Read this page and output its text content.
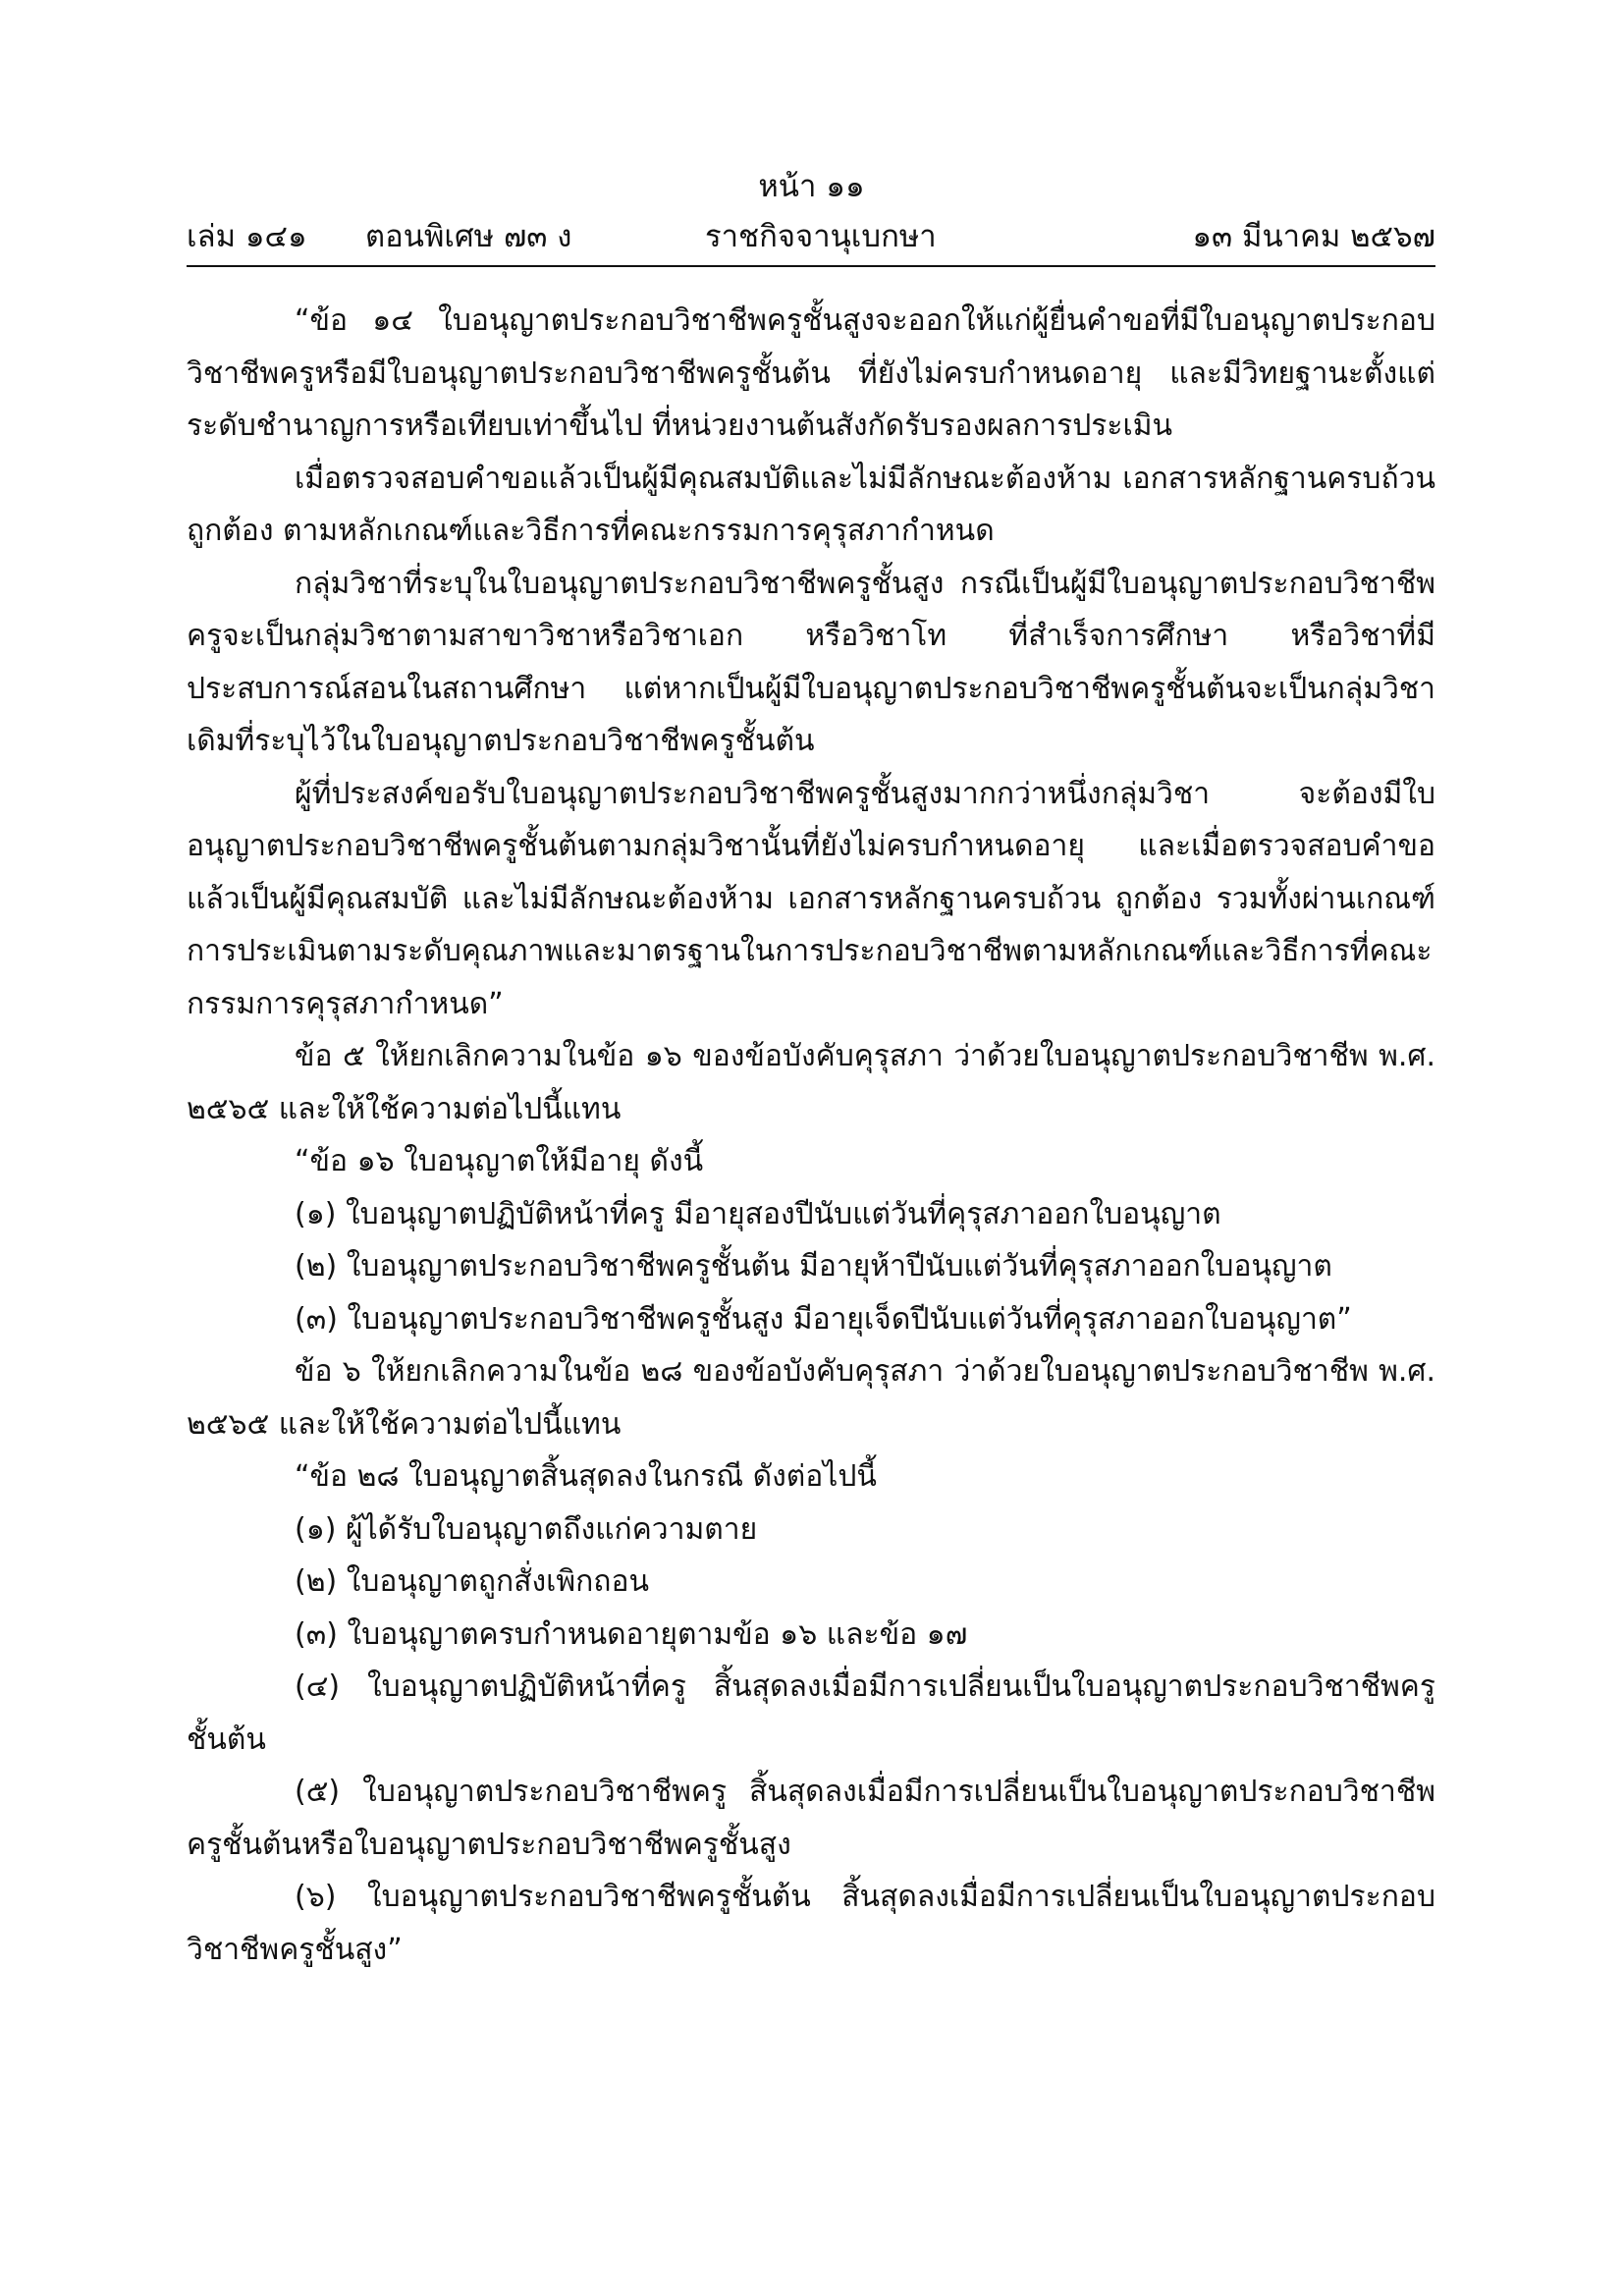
หน้า ๑๑
เล่ม ๑๔๑ ตอนพิเศษ ๗๓ ง	ราชกิจจานุเบกษา	๑๓ มีนาคม ๒๕๖๗

“ข้อ ๑๔ ใบอนุญาตประกอบวิชาชีพครูชั้นสูงจะออกให้แก่ผู้ยื่นคำขอที่มีใบอนุญาตประกอบวิชาชีพครูหรือมีใบอนุญาตประกอบวิชาชีพครูชั้นต้น ที่ยังไม่ครบกำหนดอายุ และมีวิทยฐานะตั้งแต่ระดับชำนาญการหรือเทียบเท่าขึ้นไป ที่หน่วยงานต้นสังกัดรับรองผลการประเมิน

เมื่อตรวจสอบคำขอแล้วเป็นผู้มีคุณสมบัติและไม่มีลักษณะต้องห้าม เอกสารหลักฐานครบถ้วนถูกต้อง ตามหลักเกณฑ์และวิธีการที่คณะกรรมการคุรุสภากำหนด

กลุ่มวิชาที่ระบุในใบอนุญาตประกอบวิชาชีพครูชั้นสูง กรณีเป็นผู้มีใบอนุญาตประกอบวิชาชีพครูจะเป็นกลุ่มวิชาตามสาขาวิชาหรือวิชาเอก หรือวิชาโท ที่สำเร็จการศึกษา หรือวิชาที่มีประสบการณ์สอนในสถานศึกษา แต่หากเป็นผู้มีใบอนุญาตประกอบวิชาชีพครูชั้นต้นจะเป็นกลุ่มวิชาเดิมที่ระบุไว้ในใบอนุญาตประกอบวิชาชีพครูชั้นต้น

ผู้ที่ประสงค์ขอรับใบอนุญาตประกอบวิชาชีพครูชั้นสูงมากกว่าหนึ่งกลุ่มวิชา จะต้องมีใบอนุญาตประกอบวิชาชีพครูชั้นต้นตามกลุ่มวิชานั้นที่ยังไม่ครบกำหนดอายุ และเมื่อตรวจสอบคำขอแล้วเป็นผู้มีคุณสมบัติ และไม่มีลักษณะต้องห้าม เอกสารหลักฐานครบถ้วน ถูกต้อง รวมทั้งผ่านเกณฑ์การประเมินตามระดับคุณภาพและมาตรฐานในการประกอบวิชาชีพตามหลักเกณฑ์และวิธีการที่คณะกรรมการคุรุสภากำหนด”

ข้อ ๕ ให้ยกเลิกความในข้อ ๑๖ ของข้อบังคับคุรุสภา ว่าด้วยใบอนุญาตประกอบวิชาชีพ พ.ศ. ๒๕๖๕ และให้ใช้ความต่อไปนี้แทน

“ข้อ ๑๖ ใบอนุญาตให้มีอายุ ดังนี้

(๑) ใบอนุญาตปฏิบัติหน้าที่ครู มีอายุสองปีนับแต่วันที่คุรุสภาออกใบอนุญาต

(๒) ใบอนุญาตประกอบวิชาชีพครูชั้นต้น มีอายุห้าปีนับแต่วันที่คุรุสภาออกใบอนุญาต

(๓) ใบอนุญาตประกอบวิชาชีพครูชั้นสูง มีอายุเจ็ดปีนับแต่วันที่คุรุสภาออกใบอนุญาต”

ข้อ ๖ ให้ยกเลิกความในข้อ ๒๘ ของข้อบังคับคุรุสภา ว่าด้วยใบอนุญาตประกอบวิชาชีพ พ.ศ. ๒๕๖๕ และให้ใช้ความต่อไปนี้แทน

“ข้อ ๒๘ ใบอนุญาตสิ้นสุดลงในกรณี ดังต่อไปนี้

(๑) ผู้ได้รับใบอนุญาตถึงแก่ความตาย

(๒) ใบอนุญาตถูกสั่งเพิกถอน

(๓) ใบอนุญาตครบกำหนดอายุตามข้อ ๑๖ และข้อ ๑๗

(๔) ใบอนุญาตปฏิบัติหน้าที่ครู สิ้นสุดลงเมื่อมีการเปลี่ยนเป็นใบอนุญาตประกอบวิชาชีพครูชั้นต้น

(๕) ใบอนุญาตประกอบวิชาชีพครู สิ้นสุดลงเมื่อมีการเปลี่ยนเป็นใบอนุญาตประกอบวิชาชีพครูชั้นต้นหรือใบอนุญาตประกอบวิชาชีพครูชั้นสูง

(๖) ใบอนุญาตประกอบวิชาชีพครูชั้นต้น สิ้นสุดลงเมื่อมีการเปลี่ยนเป็นใบอนุญาตประกอบวิชาชีพครูชั้นสูง”
